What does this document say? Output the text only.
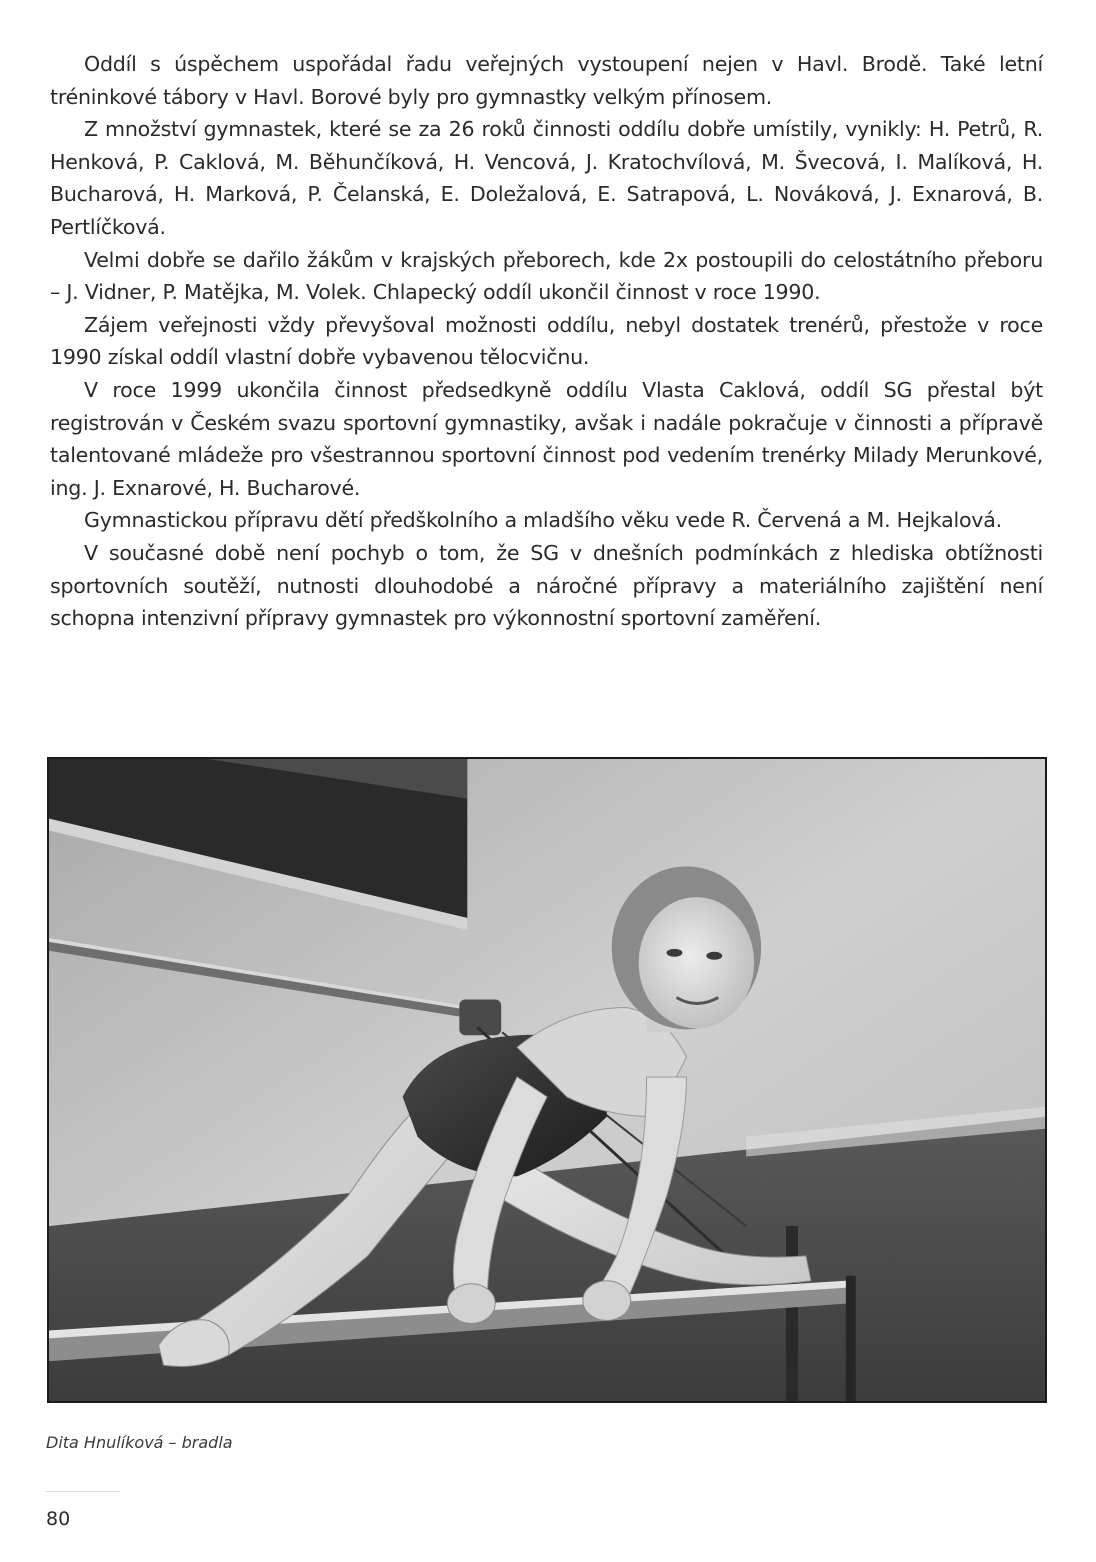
Oddíl s úspěchem uspořádal řadu veřejných vystoupení nejen v Havl. Brodě. Také letní tréninkové tábory v Havl. Borové byly pro gymnastky velkým přínosem.

Z množství gymnastek, které se za 26 roků činnosti oddílu dobře umístily, vynikly: H. Petrů, R. Henková, P. Caklová, M. Běhunčíková, H. Vencová, J. Kratochvílová, M. Švecová, I. Malíková, H. Bucharová, H. Marková, P. Čelanská, E. Doležalová, E. Satrapová, L. Nováková, J. Exnarová, B. Pertlíčková.

Velmi dobře se dařilo žákům v krajských přeborech, kde 2x postoupili do celostátního přeboru – J. Vidner, P. Matějka, M. Volek. Chlapecký oddíl ukončil činnost v roce 1990.

Zájem veřejnosti vždy převyšoval možnosti oddílu, nebyl dostatek trenérů, přestože v roce 1990 získal oddíl vlastní dobře vybavenou tělocvičnu.

V roce 1999 ukončila činnost předsedkyně oddílu Vlasta Caklová, oddíl SG přestal být registrován v Českém svazu sportovní gymnastiky, avšak i nadále pokračuje v činnosti a přípravě talentované mládeže pro všestrannou sportovní činnost pod vedením trenérky Milady Merunkové, ing. J. Exnarové, H. Bucharové.

Gymnastickou přípravu dětí předškolního a mladšího věku vede R. Červená a M. Hejkalová.

V současné době není pochyb o tom, že SG v dnešních podmínkách z hlediska obtížnosti sportovních soutěží, nutnosti dlouhodobé a náročné přípravy a materiálního zajištění není schopna intenzivní přípravy gymnastek pro výkonnostní sportovní zaměření.

Dita Hnulíková – bradla
80
